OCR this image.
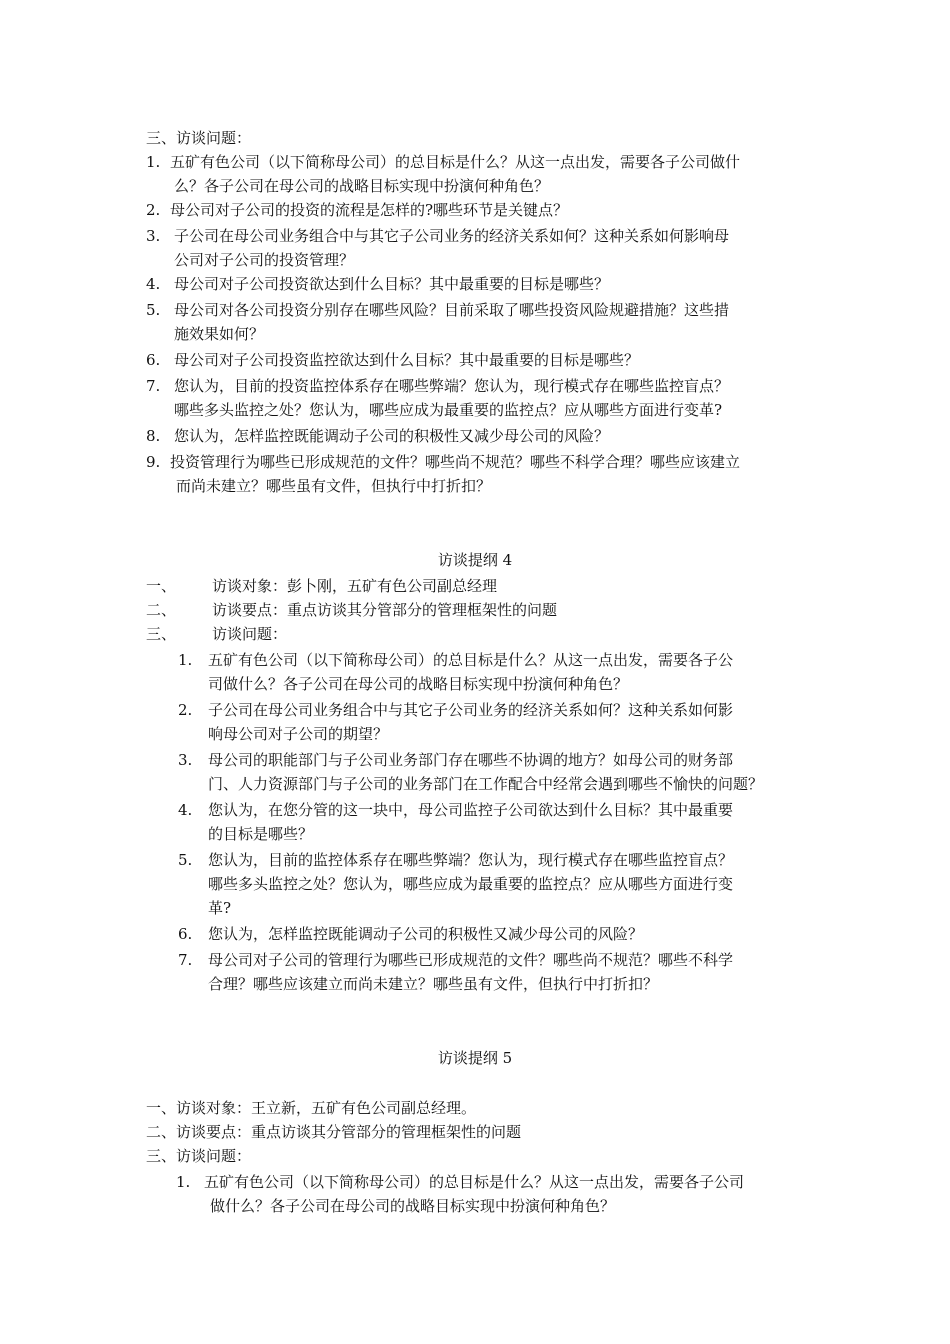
三、访谈问题：
1. 五矿有色公司（以下简称母公司）的总目标是什么？从这一点出发，需要各子公司做什
么？各子公司在母公司的战略目标实现中扮演何种角色？
2. 母公司对子公司的投资的流程是怎样的?哪些环节是关键点？
3. 子公司在母公司业务组合中与其它子公司业务的经济关系如何？这种关系如何影响母
公司对子公司的投资管理？
4. 母公司对子公司投资欲达到什么目标？其中最重要的目标是哪些？
5. 母公司对各公司投资分别存在哪些风险？目前采取了哪些投资风险规避措施？这些措
施效果如何？
6. 母公司对子公司投资监控欲达到什么目标？其中最重要的目标是哪些？
7. 您认为，目前的投资监控体系存在哪些弊端？您认为，现行模式存在哪些监控盲点？
哪些多头监控之处？您认为，哪些应成为最重要的监控点？应从哪些方面进行变革?
8. 您认为，怎样监控既能调动子公司的积极性又减少母公司的风险？
9. 投资管理行为哪些已形成规范的文件？哪些尚不规范？哪些不科学合理？哪些应该建立
而尚未建立？哪些虽有文件，但执行中打折扣？
访谈提纲 4
一、 访谈对象：彭卜刚，五矿有色公司副总经理
二、 访谈要点：重点访谈其分管部分的管理框架性的问题
三、 访谈问题：
1. 五矿有色公司（以下简称母公司）的总目标是什么？从这一点出发，需要各子公
司做什么？各子公司在母公司的战略目标实现中扮演何种角色？
2. 子公司在母公司业务组合中与其它子公司业务的经济关系如何？这种关系如何影
响母公司对子公司的期望？
3. 母公司的职能部门与子公司业务部门存在哪些不协调的地方？如母公司的财务部
门、人力资源部门与子公司的业务部门在工作配合中经常会遇到哪些不愉快的问题？
4. 您认为，在您分管的这一块中，母公司监控子公司欲达到什么目标？其中最重要
的目标是哪些？
5. 您认为，目前的监控体系存在哪些弊端？您认为，现行模式存在哪些监控盲点？
哪些多头监控之处？您认为，哪些应成为最重要的监控点？应从哪些方面进行变
革?
6. 您认为，怎样监控既能调动子公司的积极性又减少母公司的风险？
7. 母公司对子公司的管理行为哪些已形成规范的文件？哪些尚不规范？哪些不科学
合理？哪些应该建立而尚未建立？哪些虽有文件，但执行中打折扣？
访谈提纲 5
一、访谈对象：王立新，五矿有色公司副总经理。
二、访谈要点：重点访谈其分管部分的管理框架性的问题
三、访谈问题：
1. 五矿有色公司（以下简称母公司）的总目标是什么？从这一点出发，需要各子公司
做什么？各子公司在母公司的战略目标实现中扮演何种角色？
